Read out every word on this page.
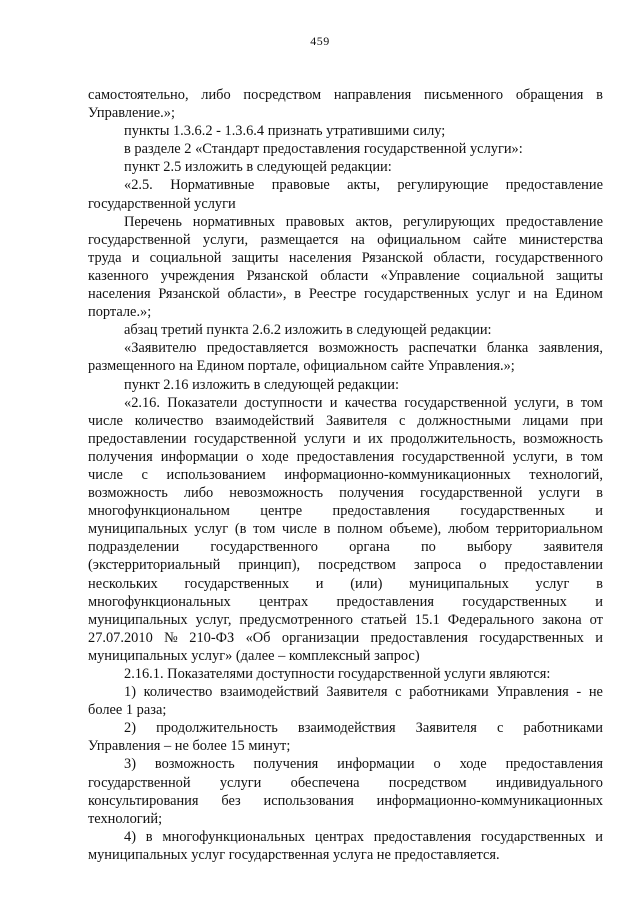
459
самостоятельно, либо посредством направления письменного обращения в
Управление.»;
пункты 1.3.6.2 - 1.3.6.4 признать утратившими силу;
в разделе 2 «Стандарт предоставления государственной услуги»:
пункт 2.5 изложить в следующей редакции:
«2.5. Нормативные правовые акты, регулирующие предоставление
государственной услуги
Перечень нормативных правовых актов, регулирующих предоставление
государственной услуги, размещается на официальном сайте министерства
труда и социальной защиты населения Рязанской области, государственного
казенного учреждения Рязанской области «Управление социальной защиты
населения Рязанской области», в Реестре государственных услуг и на Едином
портале.»;
абзац третий пункта 2.6.2 изложить в следующей редакции:
«Заявителю предоставляется возможность распечатки бланка заявления,
размещенного на Едином портале, официальном сайте Управления.»;
пункт 2.16 изложить в следующей редакции:
«2.16. Показатели доступности и качества государственной услуги, в том
числе количество взаимодействий Заявителя с должностными лицами при
предоставлении государственной услуги и их продолжительность, возможность
получения информации о ходе предоставления государственной услуги, в том
числе с использованием информационно-коммуникационных технологий,
возможность либо невозможность получения государственной услуги в
многофункциональном центре предоставления государственных и
муниципальных услуг (в том числе в полном объеме), любом территориальном
подразделении государственного органа по выбору заявителя
(экстерриториальный принцип), посредством запроса о предоставлении
нескольких государственных и (или) муниципальных услуг в
многофункциональных центрах предоставления государственных и
муниципальных услуг, предусмотренного статьей 15.1 Федерального закона от
27.07.2010 № 210-ФЗ «Об организации предоставления государственных и
муниципальных услуг» (далее – комплексный запрос)
2.16.1. Показателями доступности государственной услуги являются:
1) количество взаимодействий Заявителя с работниками Управления - не
более 1 раза;
2) продолжительность взаимодействия Заявителя с работниками
Управления – не более 15 минут;
3) возможность получения информации о ходе предоставления
государственной услуги обеспечена посредством индивидуального
консультирования без использования информационно-коммуникационных
технологий;
4) в многофункциональных центрах предоставления государственных и
муниципальных услуг государственная услуга не предоставляется.
